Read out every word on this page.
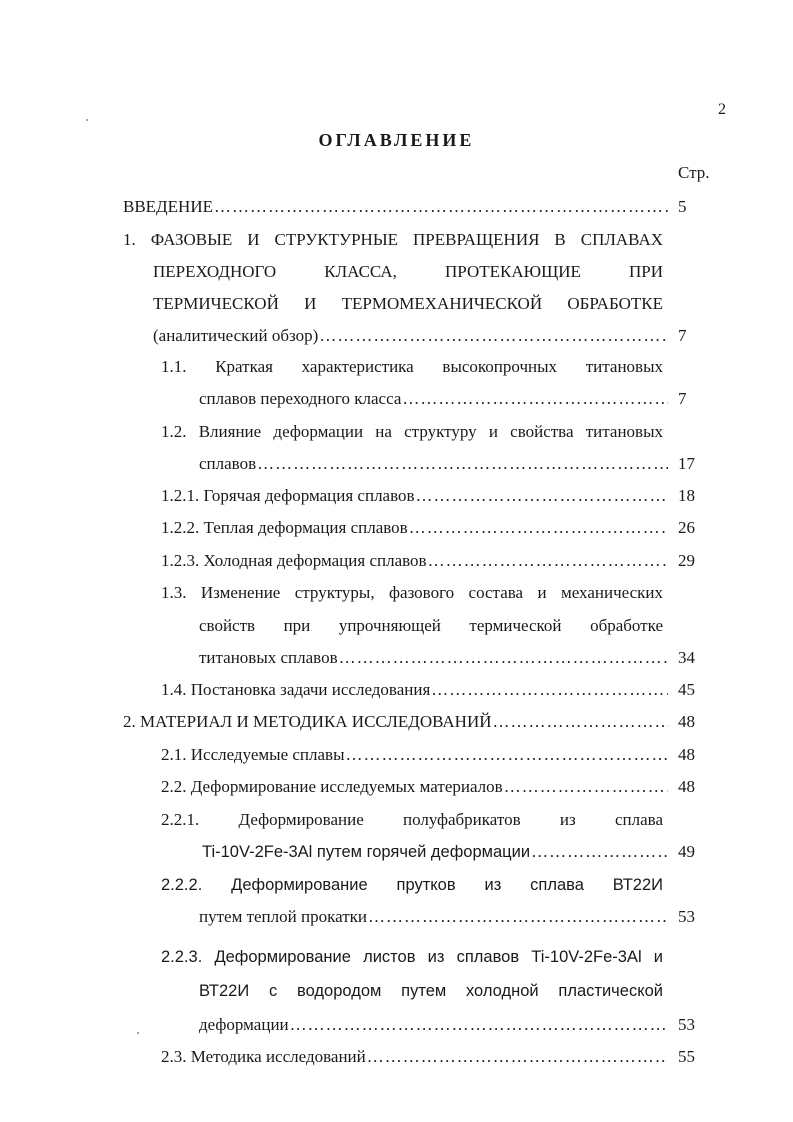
2
ОГЛАВЛЕНИЕ
Стр.
ВВЕДЕНИЕ ……………………………………………………………………………………………………………………………………………………	5
1. ФАЗОВЫЕ И СТРУКТУРНЫЕ ПРЕВРАЩЕНИЯ В СПЛАВАХ
ПЕРЕХОДНОГО КЛАССА, ПРОТЕКАЮЩИЕ ПРИ
ТЕРМИЧЕСКОЙ И ТЕРМОМЕХАНИЧЕСКОЙ ОБРАБОТКЕ
(аналитический обзор) ……………………………………………………………………………………………………………………………………………………	7
1.1. Краткая характеристика высокопрочных титановых
сплавов переходного класса ……………………………………………………………………………………………………………………………………………………	7
1.2. Влияние деформации на структуру и свойства титановых
сплавов ……………………………………………………………………………………………………………………………………………………	17
1.2.1. Горячая деформация сплавов ……………………………………………………………………………………………………………………………………………………	18
1.2.2. Теплая деформация сплавов ……………………………………………………………………………………………………………………………………………………	26
1.2.3. Холодная деформация сплавов ……………………………………………………………………………………………………………………………………………………	29
1.3. Изменение структуры, фазового состава и механических
свойств при упрочняющей термической обработке
титановых сплавов ……………………………………………………………………………………………………………………………………………………	34
1.4. Постановка задачи исследования ……………………………………………………………………………………………………………………………………………………	45
2. МАТЕРИАЛ И МЕТОДИКА ИССЛЕДОВАНИЙ ……………………………………………………………………………………………………………………………………………………	48
2.1. Исследуемые сплавы ……………………………………………………………………………………………………………………………………………………	48
2.2. Деформирование исследуемых материалов ……………………………………………………………………………………………………………………………………………………	48
2.2.1. Деформирование полуфабрикатов из сплава
Ti-10V-2Fe-3Al путем горячей деформации ……………………………………………………………………………………………………………………………………………………	49
2.2.2. Деформирование прутков из сплава ВТ22И
путем теплой прокатки ……………………………………………………………………………………………………………………………………………………	53
2.2.3. Деформирование листов из сплавов Ti-10V-2Fe-3Al и
ВТ22И с водородом путем холодной пластической
деформации ……………………………………………………………………………………………………………………………………………………	53
2.3. Методика исследований ……………………………………………………………………………………………………………………………………………………	55
